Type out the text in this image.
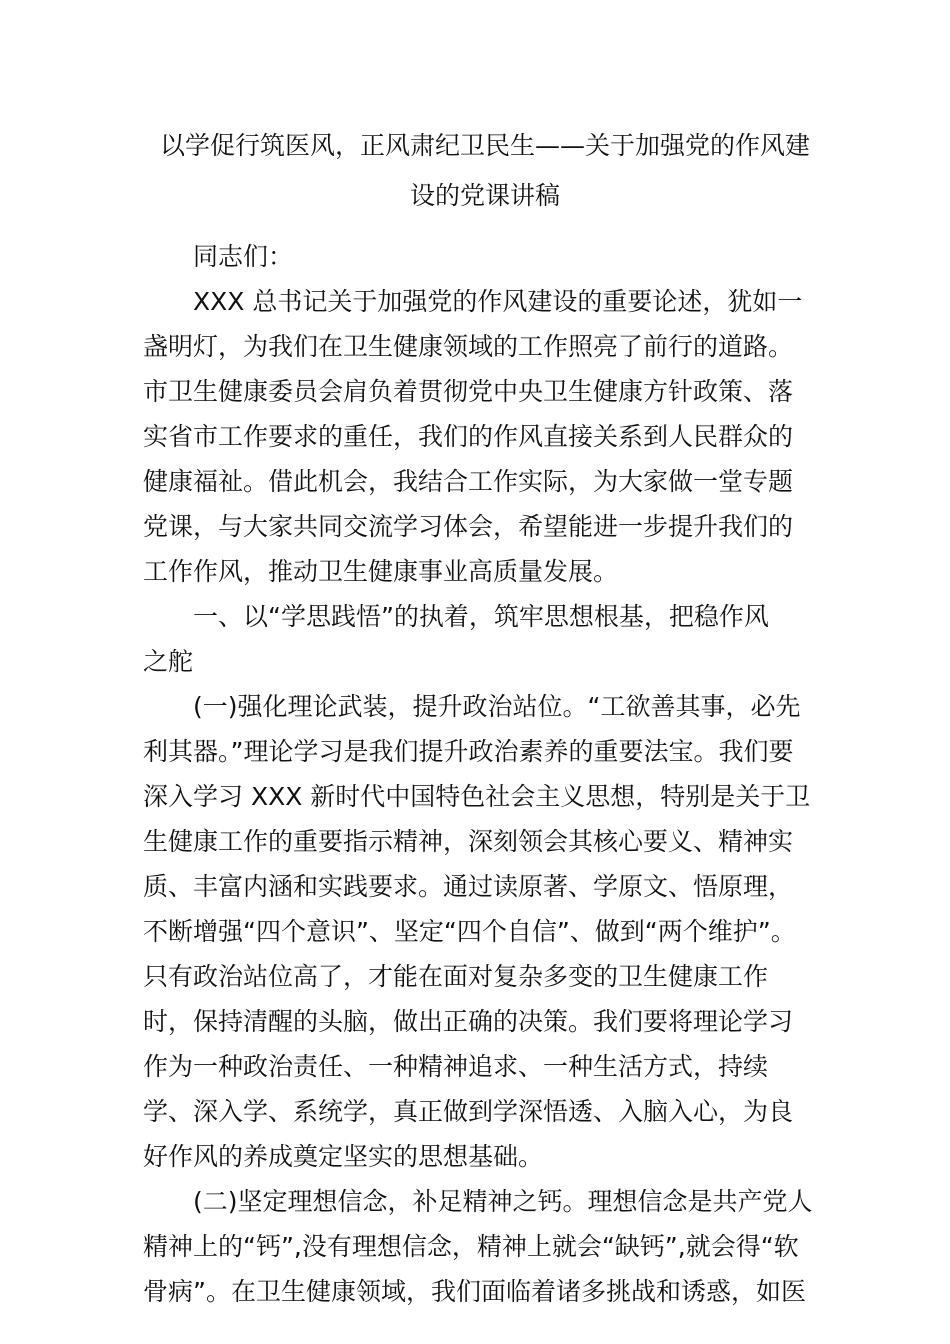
以学促行筑医风，正风肃纪卫民生——关于加强党的作风建
设的党课讲稿
同志们：
XXX 总书记关于加强党的作风建设的重要论述，犹如一
盏明灯，为我们在卫生健康领域的工作照亮了前行的道路。
市卫生健康委员会肩负着贯彻党中央卫生健康方针政策、落
实省市工作要求的重任，我们的作风直接关系到人民群众的
健康福祉。借此机会，我结合工作实际，为大家做一堂专题
党课，与大家共同交流学习体会，希望能进一步提升我们的
工作作风，推动卫生健康事业高质量发展。
一、以“学思践悟”的执着，筑牢思想根基，把稳作风
之舵
(一)强化理论武装，提升政治站位。“工欲善其事，必先
利其器。”理论学习是我们提升政治素养的重要法宝。我们要
深入学习 XXX 新时代中国特色社会主义思想，特别是关于卫
生健康工作的重要指示精神，深刻领会其核心要义、精神实
质、丰富内涵和实践要求。通过读原著、学原文、悟原理，
不断增强“四个意识”、坚定“四个自信”、做到“两个维护”。
只有政治站位高了，才能在面对复杂多变的卫生健康工作
时，保持清醒的头脑，做出正确的决策。我们要将理论学习
作为一种政治责任、一种精神追求、一种生活方式，持续
学、深入学、系统学，真正做到学深悟透、入脑入心，为良
好作风的养成奠定坚实的思想基础。
(二)坚定理想信念，补足精神之钙。理想信念是共产党人
精神上的“钙”,没有理想信念，精神上就会“缺钙”,就会得“软
骨病”。在卫生健康领域，我们面临着诸多挑战和诱惑，如医
